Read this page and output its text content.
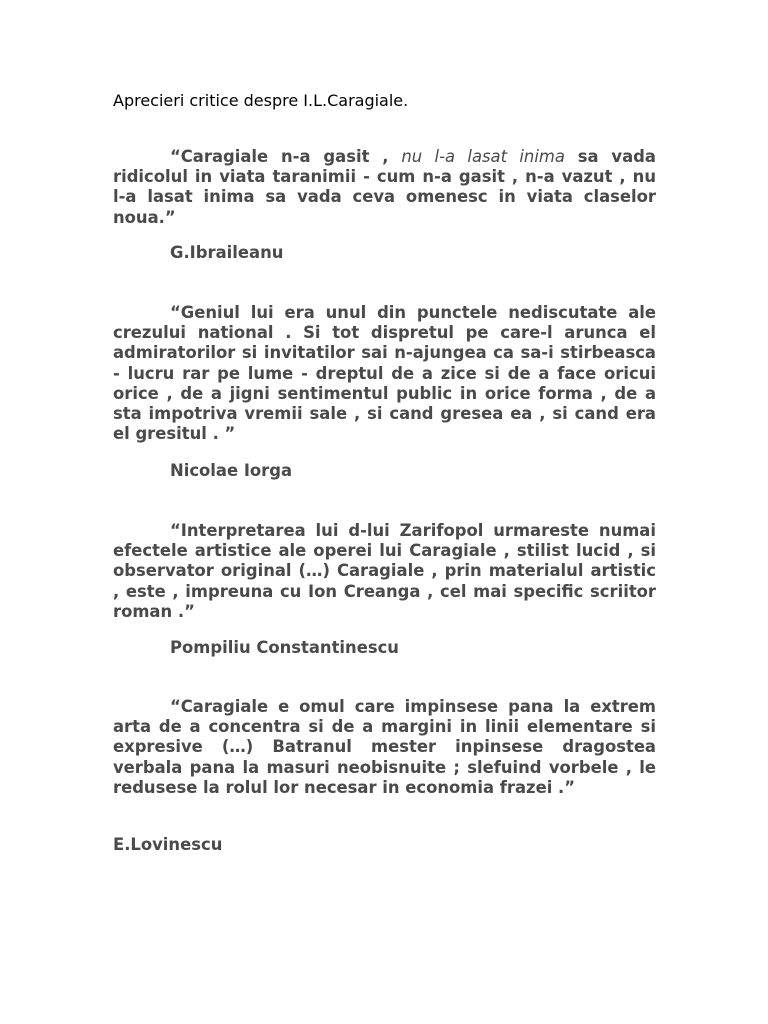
Aprecieri critice despre I.L.Caragiale.

“Caragiale n-a gasit , nu l-a lasat inima sa vada ridicolul in viata taranimii - cum n-a gasit , n-a vazut , nu l-a lasat inima sa vada ceva omenesc in viata claselor noua.”

G.Ibraileanu

“Geniul lui era unul din punctele nediscutate ale crezului national . Si tot dispretul pe care-l arunca el admiratorilor si invitatilor sai n-ajungea ca sa-i stirbeasca - lucru rar pe lume - dreptul de a zice si de a face oricui orice , de a jigni sentimentul public in orice forma , de a sta impotriva vremii sale , si cand gresea ea , si cand era el gresitul . ”

Nicolae Iorga

“Interpretarea lui d-lui Zarifopol urmareste numai efectele artistice ale operei lui Caragiale , stilist lucid , si observator original (…) Caragiale , prin materialul artistic , este , impreuna cu Ion Creanga , cel mai specific scriitor roman .”

Pompiliu Constantinescu

“Caragiale e omul care impinsese pana la extrem arta de a concentra si de a margini in linii elementare si expresive (…) Batranul mester inpinsese dragostea verbala pana la masuri neobisnuite ; slefuind vorbele , le redusese la rolul lor necesar in economia frazei .”

E.Lovinescu
